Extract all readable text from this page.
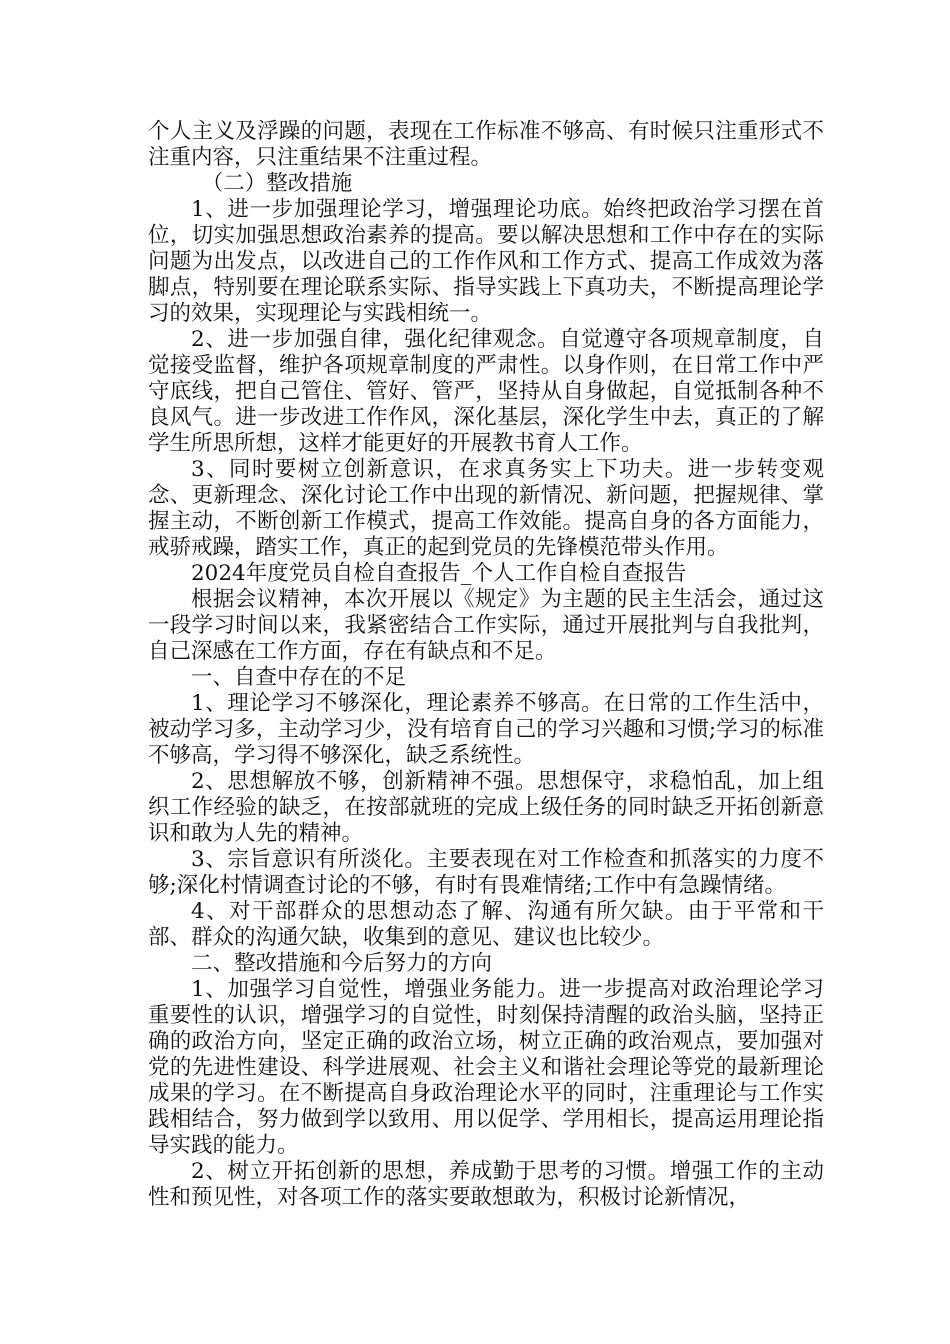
个人主义及浮躁的问题，表现在工作标准不够高、有时候只注重形式不注重内容，只注重结果不注重过程。

（二）整改措施

1、进一步加强理论学习，增强理论功底。始终把政治学习摆在首位，切实加强思想政治素养的提高。要以解决思想和工作中存在的实际问题为出发点，以改进自己的工作作风和工作方式、提高工作成效为落脚点，特别要在理论联系实际、指导实践上下真功夫，不断提高理论学习的效果，实现理论与实践相统一。

2、进一步加强自律，强化纪律观念。自觉遵守各项规章制度，自觉接受监督，维护各项规章制度的严肃性。以身作则，在日常工作中严守底线，把自己管住、管好、管严，坚持从自身做起，自觉抵制各种不良风气。进一步改进工作作风，深化基层，深化学生中去，真正的了解学生所思所想，这样才能更好的开展教书育人工作。

3、同时要树立创新意识，在求真务实上下功夫。进一步转变观念、更新理念、深化讨论工作中出现的新情况、新问题，把握规律、掌握主动，不断创新工作模式，提高工作效能。提高自身的各方面能力，戒骄戒躁，踏实工作，真正的起到党员的先锋模范带头作用。

2024年度党员自检自查报告_个人工作自检自查报告

根据会议精神，本次开展以《规定》为主题的民主生活会，通过这一段学习时间以来，我紧密结合工作实际，通过开展批判与自我批判，自己深感在工作方面，存在有缺点和不足。

一、自查中存在的不足

1、理论学习不够深化，理论素养不够高。在日常的工作生活中，被动学习多，主动学习少，没有培育自己的学习兴趣和习惯;学习的标准不够高，学习得不够深化，缺乏系统性。

2、思想解放不够，创新精神不强。思想保守，求稳怕乱，加上组织工作经验的缺乏，在按部就班的完成上级任务的同时缺乏开拓创新意识和敢为人先的精神。

3、宗旨意识有所淡化。主要表现在对工作检查和抓落实的力度不够;深化村情调查讨论的不够，有时有畏难情绪;工作中有急躁情绪。

4、对干部群众的思想动态了解、沟通有所欠缺。由于平常和干部、群众的沟通欠缺，收集到的意见、建议也比较少。

二、整改措施和今后努力的方向

1、加强学习自觉性，增强业务能力。进一步提高对政治理论学习重要性的认识，增强学习的自觉性，时刻保持清醒的政治头脑，坚持正确的政治方向，坚定正确的政治立场，树立正确的政治观点，要加强对党的先进性建设、科学进展观、社会主义和谐社会理论等党的最新理论成果的学习。在不断提高自身政治理论水平的同时，注重理论与工作实践相结合，努力做到学以致用、用以促学、学用相长，提高运用理论指导实践的能力。

2、树立开拓创新的思想，养成勤于思考的习惯。增强工作的主动性和预见性，对各项工作的落实要敢想敢为，积极讨论新情况，
